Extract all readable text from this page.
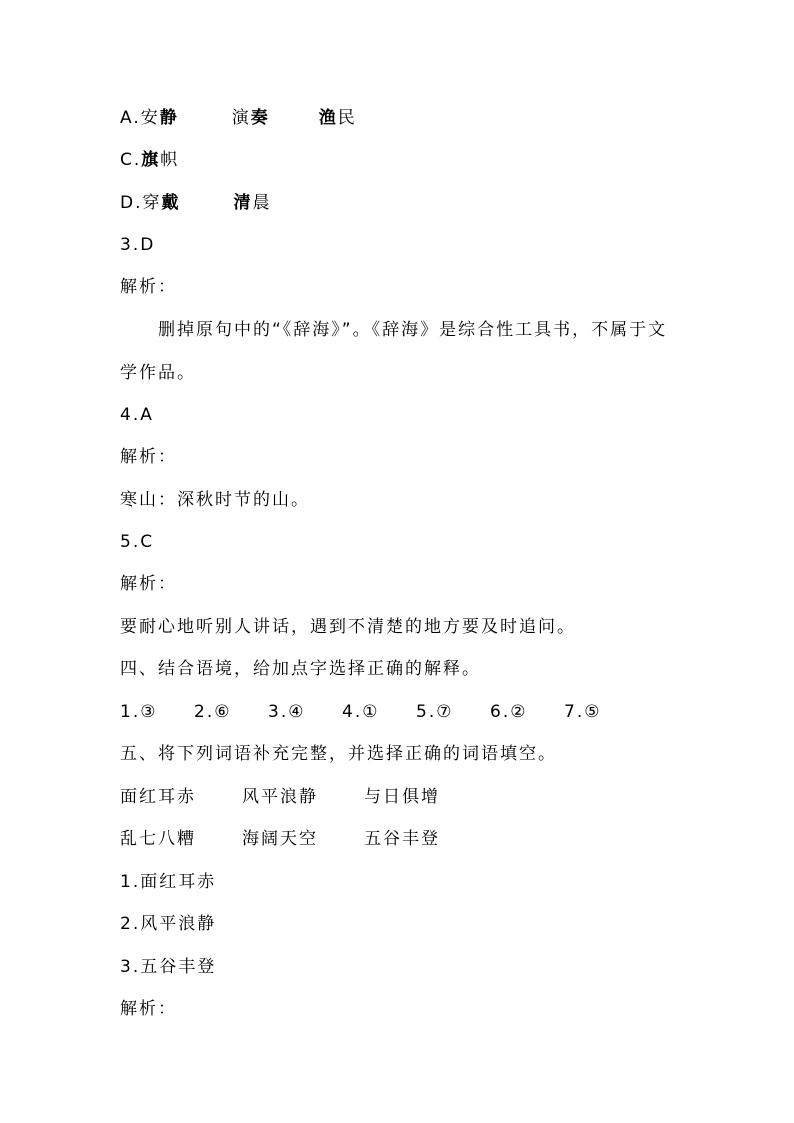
A. 安静	演奏	渔民
C. 旗帜
D. 穿戴	清晨

3.D

解析：

删掉原句中的“《辞海》”。《辞海》是综合性工具书，不属于文

学作品。

4.A

解析：

寒山：深秋时节的山。

5.C

解析：

要耐心地听别人讲话，遇到不清楚的地方要及时追问。

四、结合语境，给加点字选择正确的解释。

1.③	2.⑥	3.④	4.①	5.⑦	6.②	7.⑤

五、将下列词语补充完整，并选择正确的词语填空。

面红耳赤	风平浪静	与日俱增
乱七八糟	海阔天空	五谷丰登

1.面红耳赤

2.风平浪静

3.五谷丰登

解析：
